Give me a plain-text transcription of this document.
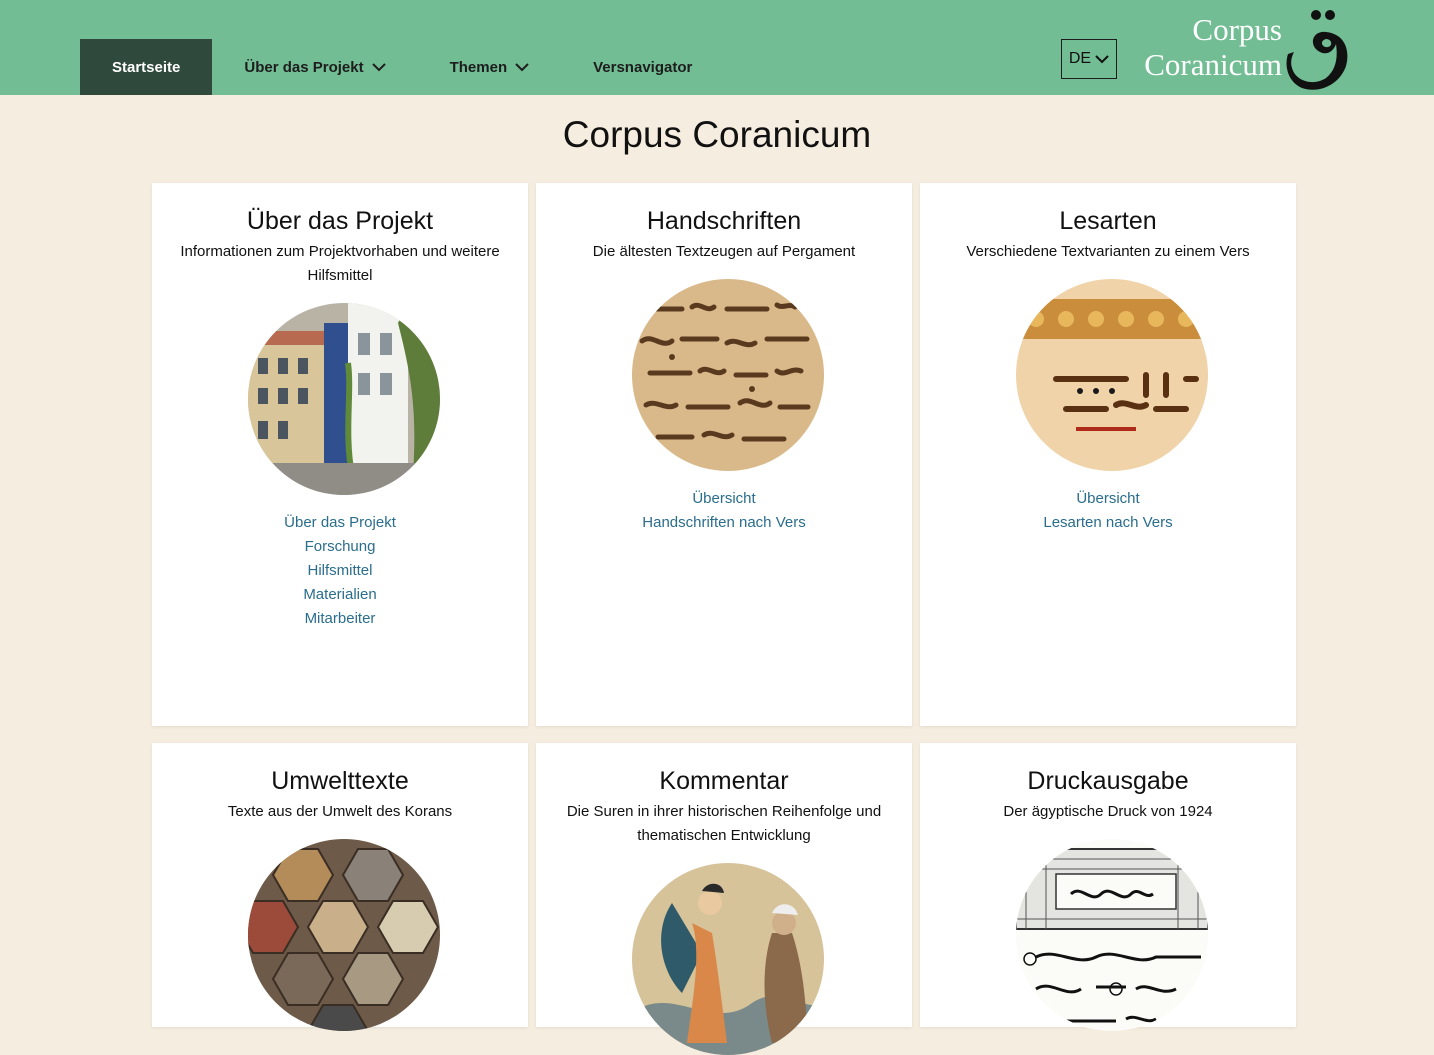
Startseite	Über das Projekt	Themen	Versnavigator	DE
Corpus
Coranicum
Corpus Coranicum
Über das Projekt
Informationen zum Projektvorhaben und weitere Hilfsmittel
Über das Projekt
Forschung
Hilfsmittel
Materialien
Mitarbeiter
Handschriften
Die ältesten Textzeugen auf Pergament
Übersicht
Handschriften nach Vers
Lesarten
Verschiedene Textvarianten zu einem Vers
Übersicht
Lesarten nach Vers
Umwelttexte
Texte aus der Umwelt des Korans
Kommentar
Die Suren in ihrer historischen Reihenfolge und thematischen Entwicklung
Druckausgabe
Der ägyptische Druck von 1924
